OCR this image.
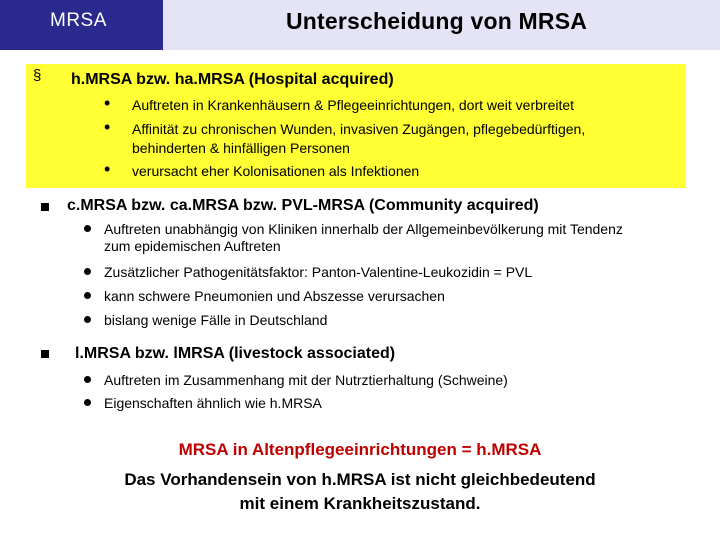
MRSA	Unterscheidung von MRSA
§ h.MRSA bzw. ha.MRSA (Hospital acquired)
• Auftreten in Krankenhäusern & Pflegeeinrichtungen, dort weit verbreitet
• Affinität zu chronischen Wunden, invasiven Zugängen, pflegebedürftigen,
behinderten & hinfälligen Personen
• verursacht eher Kolonisationen als Infektionen
c.MRSA bzw. ca.MRSA bzw. PVL-MRSA (Community acquired)
Auftreten unabhängig von Kliniken innerhalb der Allgemeinbevölkerung mit Tendenz
zum epidemischen Auftreten
Zusätzlicher Pathogenitätsfaktor: Panton-Valentine-Leukozidin = PVL
kann schwere Pneumonien und Abszesse verursachen
bislang wenige Fälle in Deutschland
l.MRSA bzw. lMRSA (livestock associated)
Auftreten im Zusammenhang mit der Nutrztierhaltung (Schweine)
Eigenschaften ähnlich wie h.MRSA
MRSA in Altenpflegeeinrichtungen = h.MRSA
Das Vorhandensein von h.MRSA ist nicht gleichbedeutend
mit einem Krankheitszustand.
